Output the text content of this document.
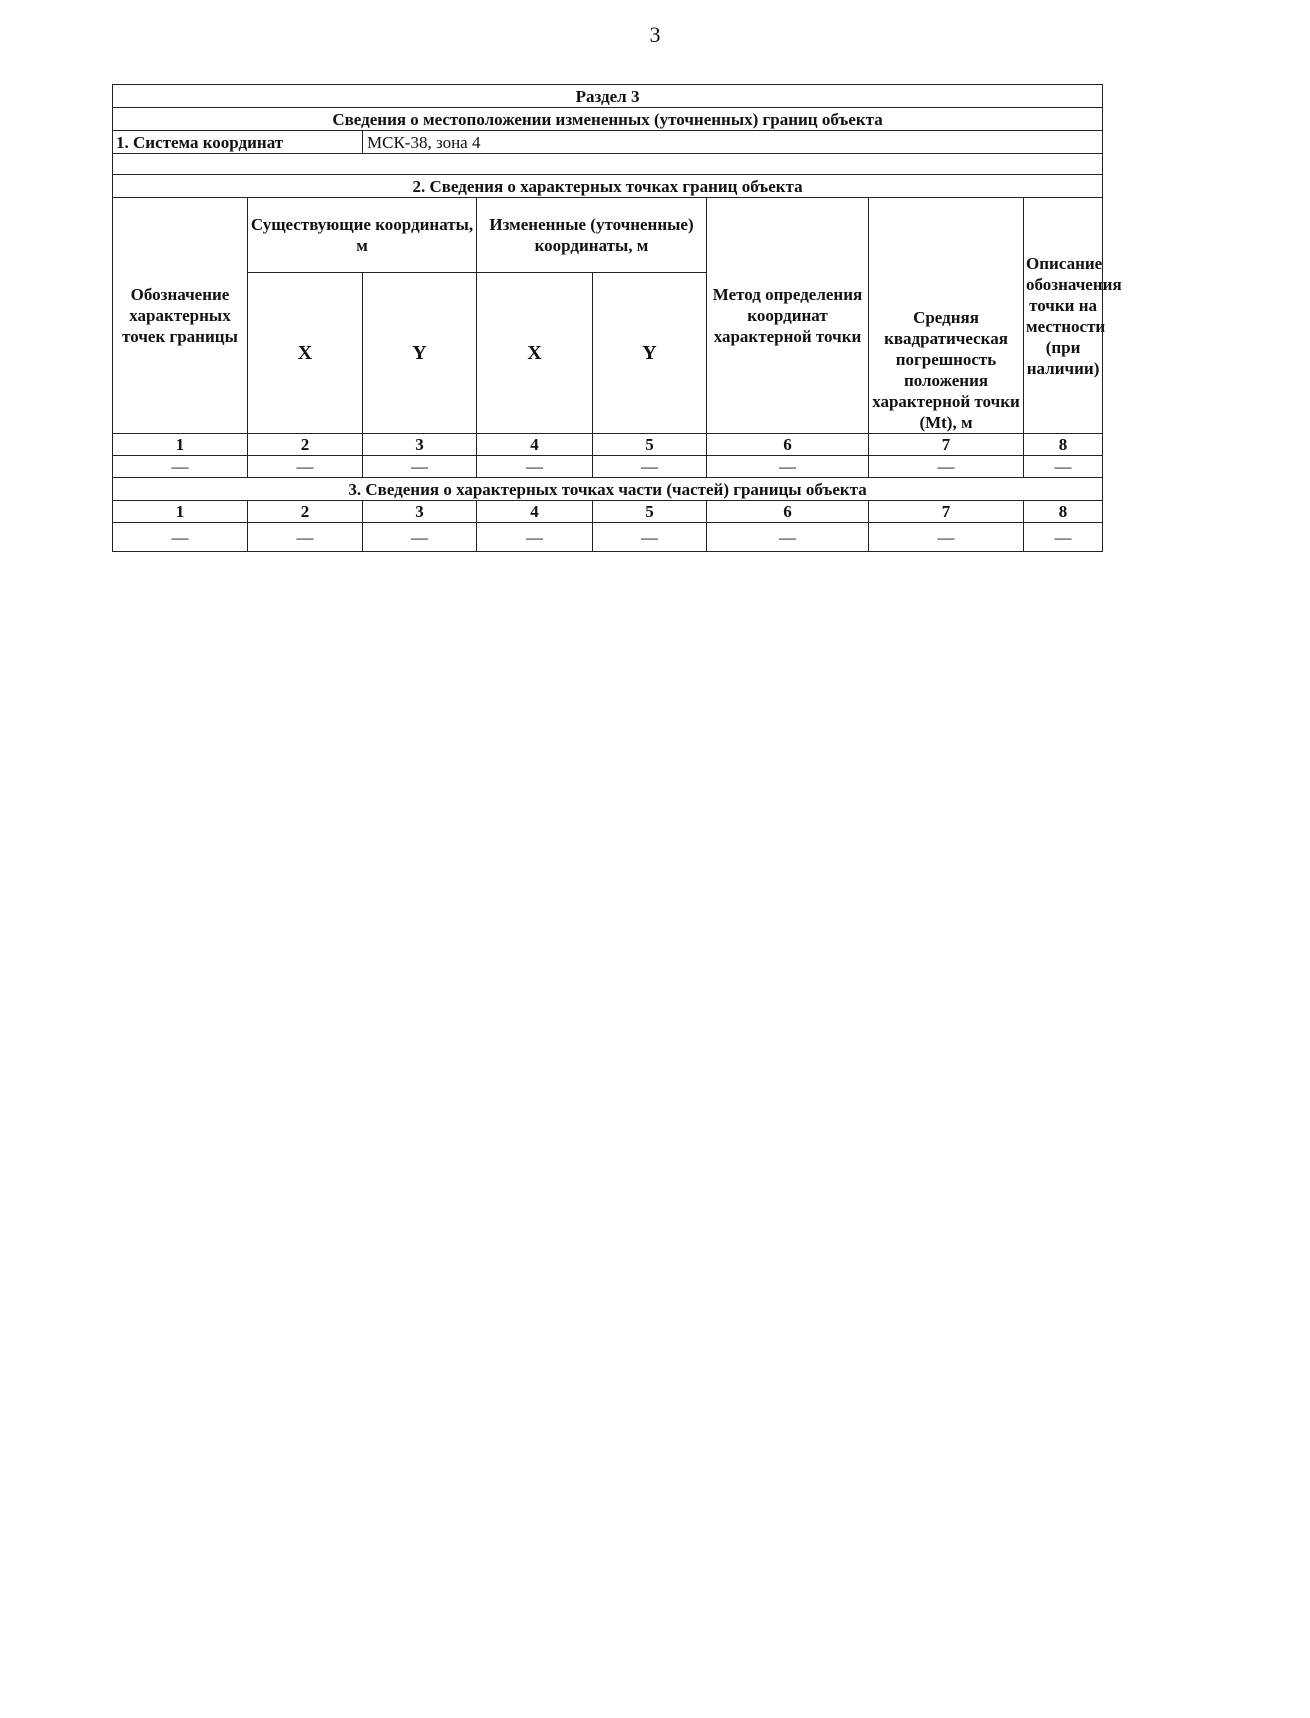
3
Раздел 3							
Сведения о местоположении измененных (уточненных) границ объекта							
1. Система координат		МСК-38, зона 4					

2. Сведения о характерных точках границ объекта							
Обозначение характерных точек границы	Существующие координаты, м		Измененные (уточненные) координаты, м		Метод определения координат характерной точки	Средняя квадратическая погрешность положения характерной точки (Mt), м	Описание обозначения точки на местности (при наличии)
	X	Y	X	Y			
1	2	3	4	5	6	7	8
—	—	—	—	—	—	—	—
3. Сведения о характерных точках части (частей) границы объекта							
1	2	3	4	5	6	7	8
—	—	—	—	—	—	—	—
